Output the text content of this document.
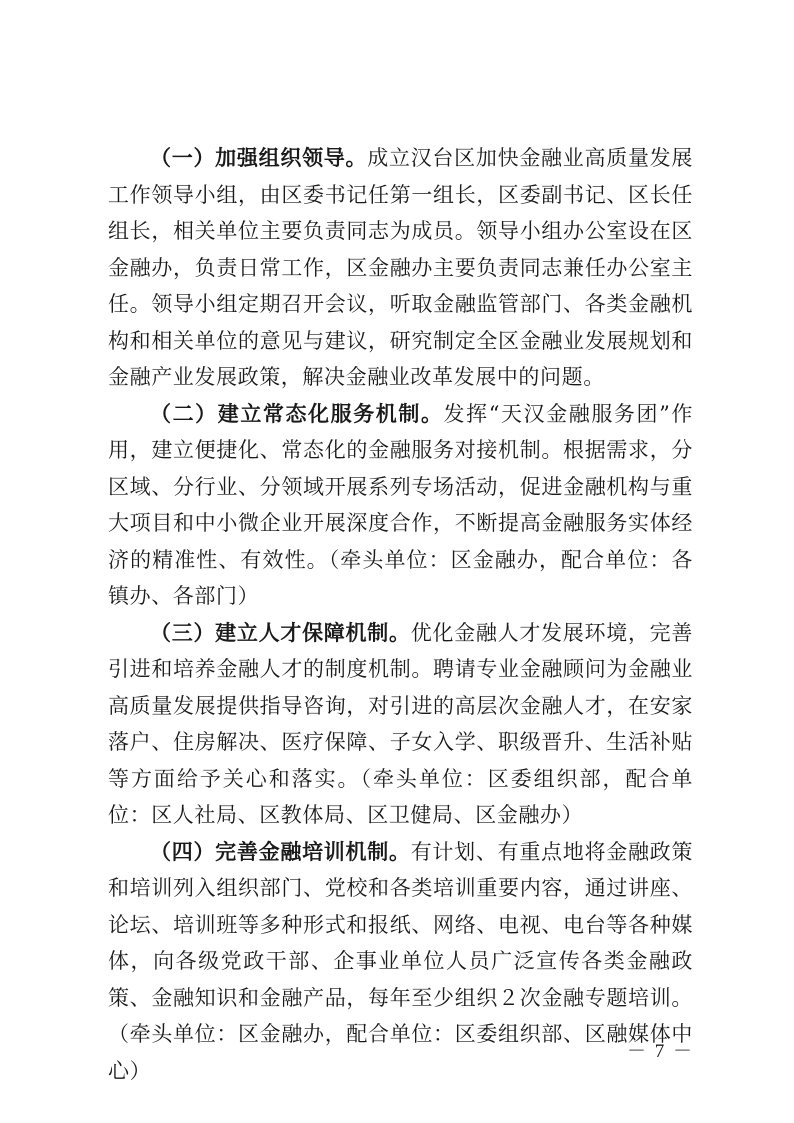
（一）加强组织领导。成立汉台区加快金融业高质量发展工作领导小组，由区委书记任第一组长，区委副书记、区长任组长，相关单位主要负责同志为成员。领导小组办公室设在区金融办，负责日常工作，区金融办主要负责同志兼任办公室主任。领导小组定期召开会议，听取金融监管部门、各类金融机构和相关单位的意见与建议，研究制定全区金融业发展规划和金融产业发展政策，解决金融业改革发展中的问题。

（二）建立常态化服务机制。发挥“天汉金融服务团”作用，建立便捷化、常态化的金融服务对接机制。根据需求，分区域、分行业、分领域开展系列专场活动，促进金融机构与重大项目和中小微企业开展深度合作，不断提高金融服务实体经济的精准性、有效性。（牵头单位：区金融办，配合单位：各镇办、各部门）

（三）建立人才保障机制。优化金融人才发展环境，完善引进和培养金融人才的制度机制。聘请专业金融顾问为金融业高质量发展提供指导咨询，对引进的高层次金融人才，在安家落户、住房解决、医疗保障、子女入学、职级晋升、生活补贴等方面给予关心和落实。（牵头单位：区委组织部，配合单位：区人社局、区教体局、区卫健局、区金融办）

（四）完善金融培训机制。有计划、有重点地将金融政策和培训列入组织部门、党校和各类培训重要内容，通过讲座、论坛、培训班等多种形式和报纸、网络、电视、电台等各种媒体，向各级党政干部、企事业单位人员广泛宣传各类金融政策、金融知识和金融产品，每年至少组织２次金融专题培训。（牵头单位：区金融办，配合单位：区委组织部、区融媒体中心）

－ 7 －
